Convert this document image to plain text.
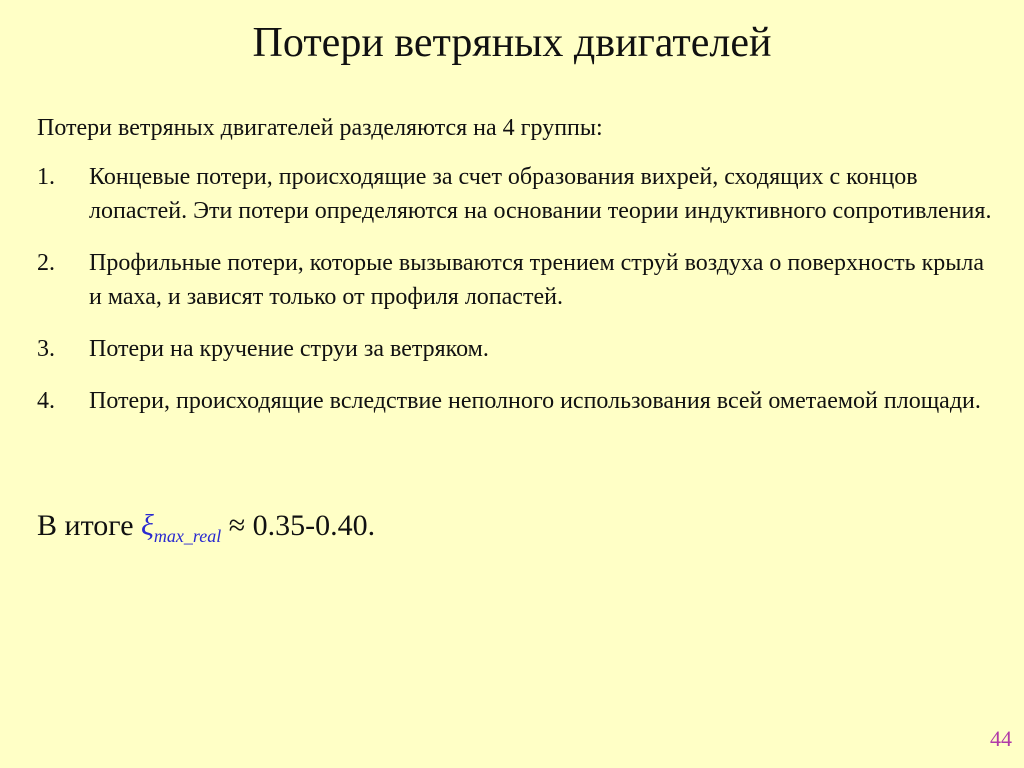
Потери ветряных двигателей
Потери ветряных двигателей разделяются на 4 группы:
1.	Концевые потери, происходящие за счет образования вихрей, сходящих с концов лопастей. Эти потери определяются на основании теории индуктивного сопротивления.
2.	Профильные потери, которые вызываются трением струй воздуха о поверхность крыла и маха, и зависят только от профиля лопастей.
3.	Потери на кручение струи за ветряком.
4.	Потери, происходящие вследствие неполного использования всей ометаемой площади.
В итоге $\xi_{max\_real} \approx 0.35-0.40$.
44
